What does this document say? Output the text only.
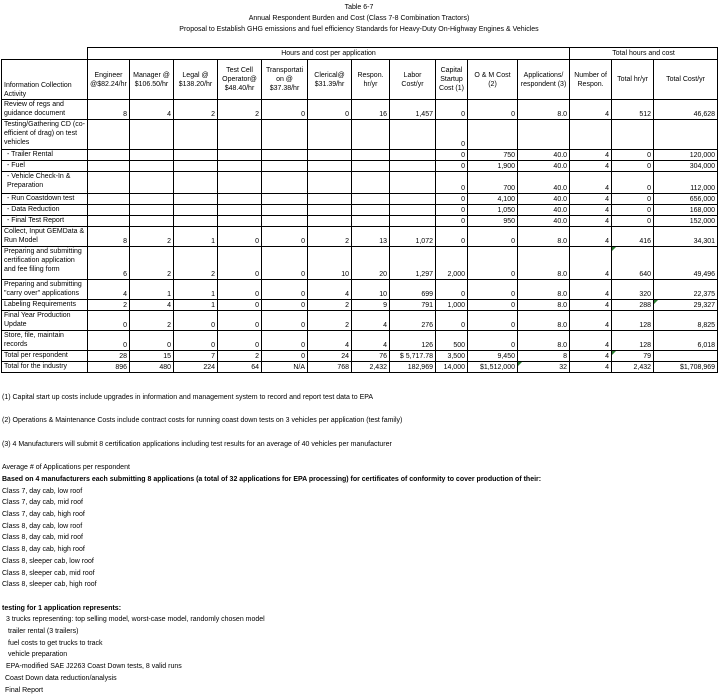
Table 6-7
Annual Respondent Burden and Cost (Class 7-8 Combination Tractors)
Proposal to Establish GHG emissions and fuel efficiency Standards for Heavy-Duty On-Highway Engines & Vehicles
	Hours and cost per application											Total hours and cost		
Information Collection Activity	Engineer @$82.24/hr	Manager @ $106.50/hr	Legal @ $138.20/hr	Test Cell Operator@ $48.40/hr	Transportati on @ $37.38/hr	Clerical@ $31.39/hr	Respon. hr/yr	Labor Cost/yr	Capital Startup Cost (1)	O & M Cost (2)	Applications/ respondent (3)	Number of Respon.	Total hr/yr	Total Cost/yr
Review of regs and guidance document	8	4	2	2	0	0	16	1,457	0	0	8.0	4	512	46,628
Testing/Gathering CD (co-efficient of drag) on test vehicles									0					
- Trailer Rental									0	750	40.0	4	0	120,000
- Fuel									0	1,900	40.0	4	0	304,000
- Vehicle Check-In & Preparation									0	700	40.0	4	0	112,000
- Run Coastdown test									0	4,100	40.0	4	0	656,000
- Data Reduction									0	1,050	40.0	4	0	168,000
- Final Test Report									0	950	40.0	4	0	152,000
Collect, Input GEMData & Run Model	8	2	1	0	0	2	13	1,072	0	0	8.0	4	416	34,301
Preparing and submitting certification application and fee filing form	6	2	2	0	0	10	20	1,297	2,000	0	8.0	4	640	49,496
Preparing and submitting "carry over" applications	4	1	1	0	0	4	10	699	0	0	8.0	4	320	22,375
Labeling Requirements	2	4	1	0	0	2	9	791	1,000	0	8.0	4	288	29,327
Final Year Production Update	0	2	0	0	0	2	4	276	0	0	8.0	4	128	8,825
Store, file, maintain records	0	0	0	0	0	4	4	126	500	0	8.0	4	128	6,018
Total per respondent	28	15	7	2	0	24	76	$ 5,717.78	3,500	9,450	8	4	79	
Total for the industry	896	480	224	64	N/A	768	2,432	182,969	14,000	$1,512,000	32	4	2,432	$1,708,969
(1) Capital start up costs include upgrades in information and management system to record and report test data to EPA
(2) Operations & Maintenance Costs include contract costs for running coast down tests on 3 vehicles per application (test family)
(3) 4 Manufacturers will submit 8 certification applications including test results for an average of 40 vehicles per manufacturer
Average # of Applications per respondent
Based on 4 manufacturers each submitting 8 applications (a total of 32 applications for EPA processing) for certificates of conformity to cover production of their:
Class 7, day cab, low roof
Class 7, day cab, mid roof
Class 7, day cab, high roof
Class 8, day cab, low roof
Class 8, day cab, mid roof
Class 8, day cab, high roof
Class 8, sleeper cab, low roof
Class 8, sleeper cab, mid roof
Class 8, sleeper cab, high roof
testing for 1 application represents:
3 trucks representing: top selling model, worst-case model, randomly chosen model
trailer rental (3 trailers)
fuel costs to get trucks to track
vehicle preparation
EPA-modified SAE J2263 Coast Down tests, 8 valid runs
Coast Down data reduction/analysis
Final Report
